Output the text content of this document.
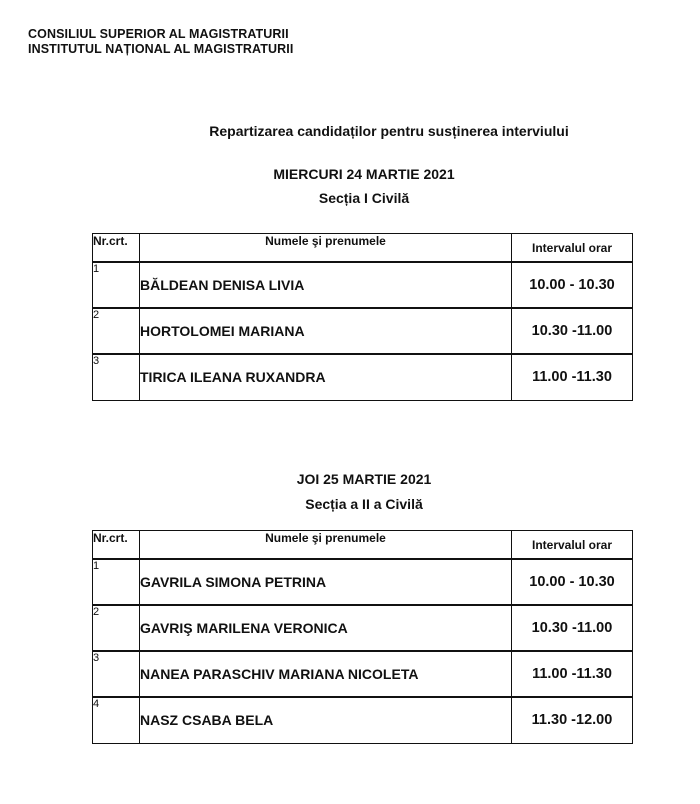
CONSILIUL SUPERIOR AL MAGISTRATURII
INSTITUTUL NAȚIONAL AL MAGISTRATURII
Repartizarea candidaților pentru susținerea interviului
MIERCURI 24 MARTIE 2021
Secția I Civilă
Nr.crt.	Numele şi prenumele	Intervalul orar
1	BĂLDEAN DENISA LIVIA	10.00 - 10.30
2	HORTOLOMEI MARIANA	10.30 -11.00
3	TIRICA ILEANA RUXANDRA	11.00 -11.30
JOI 25 MARTIE 2021
Secția a II a Civilă
Nr.crt.	Numele şi prenumele	Intervalul orar
1	GAVRILA SIMONA PETRINA	10.00 - 10.30
2	GAVRIŞ MARILENA VERONICA	10.30 -11.00
3	NANEA PARASCHIV MARIANA NICOLETA	11.00 -11.30
4	NASZ CSABA BELA	11.30 -12.00
